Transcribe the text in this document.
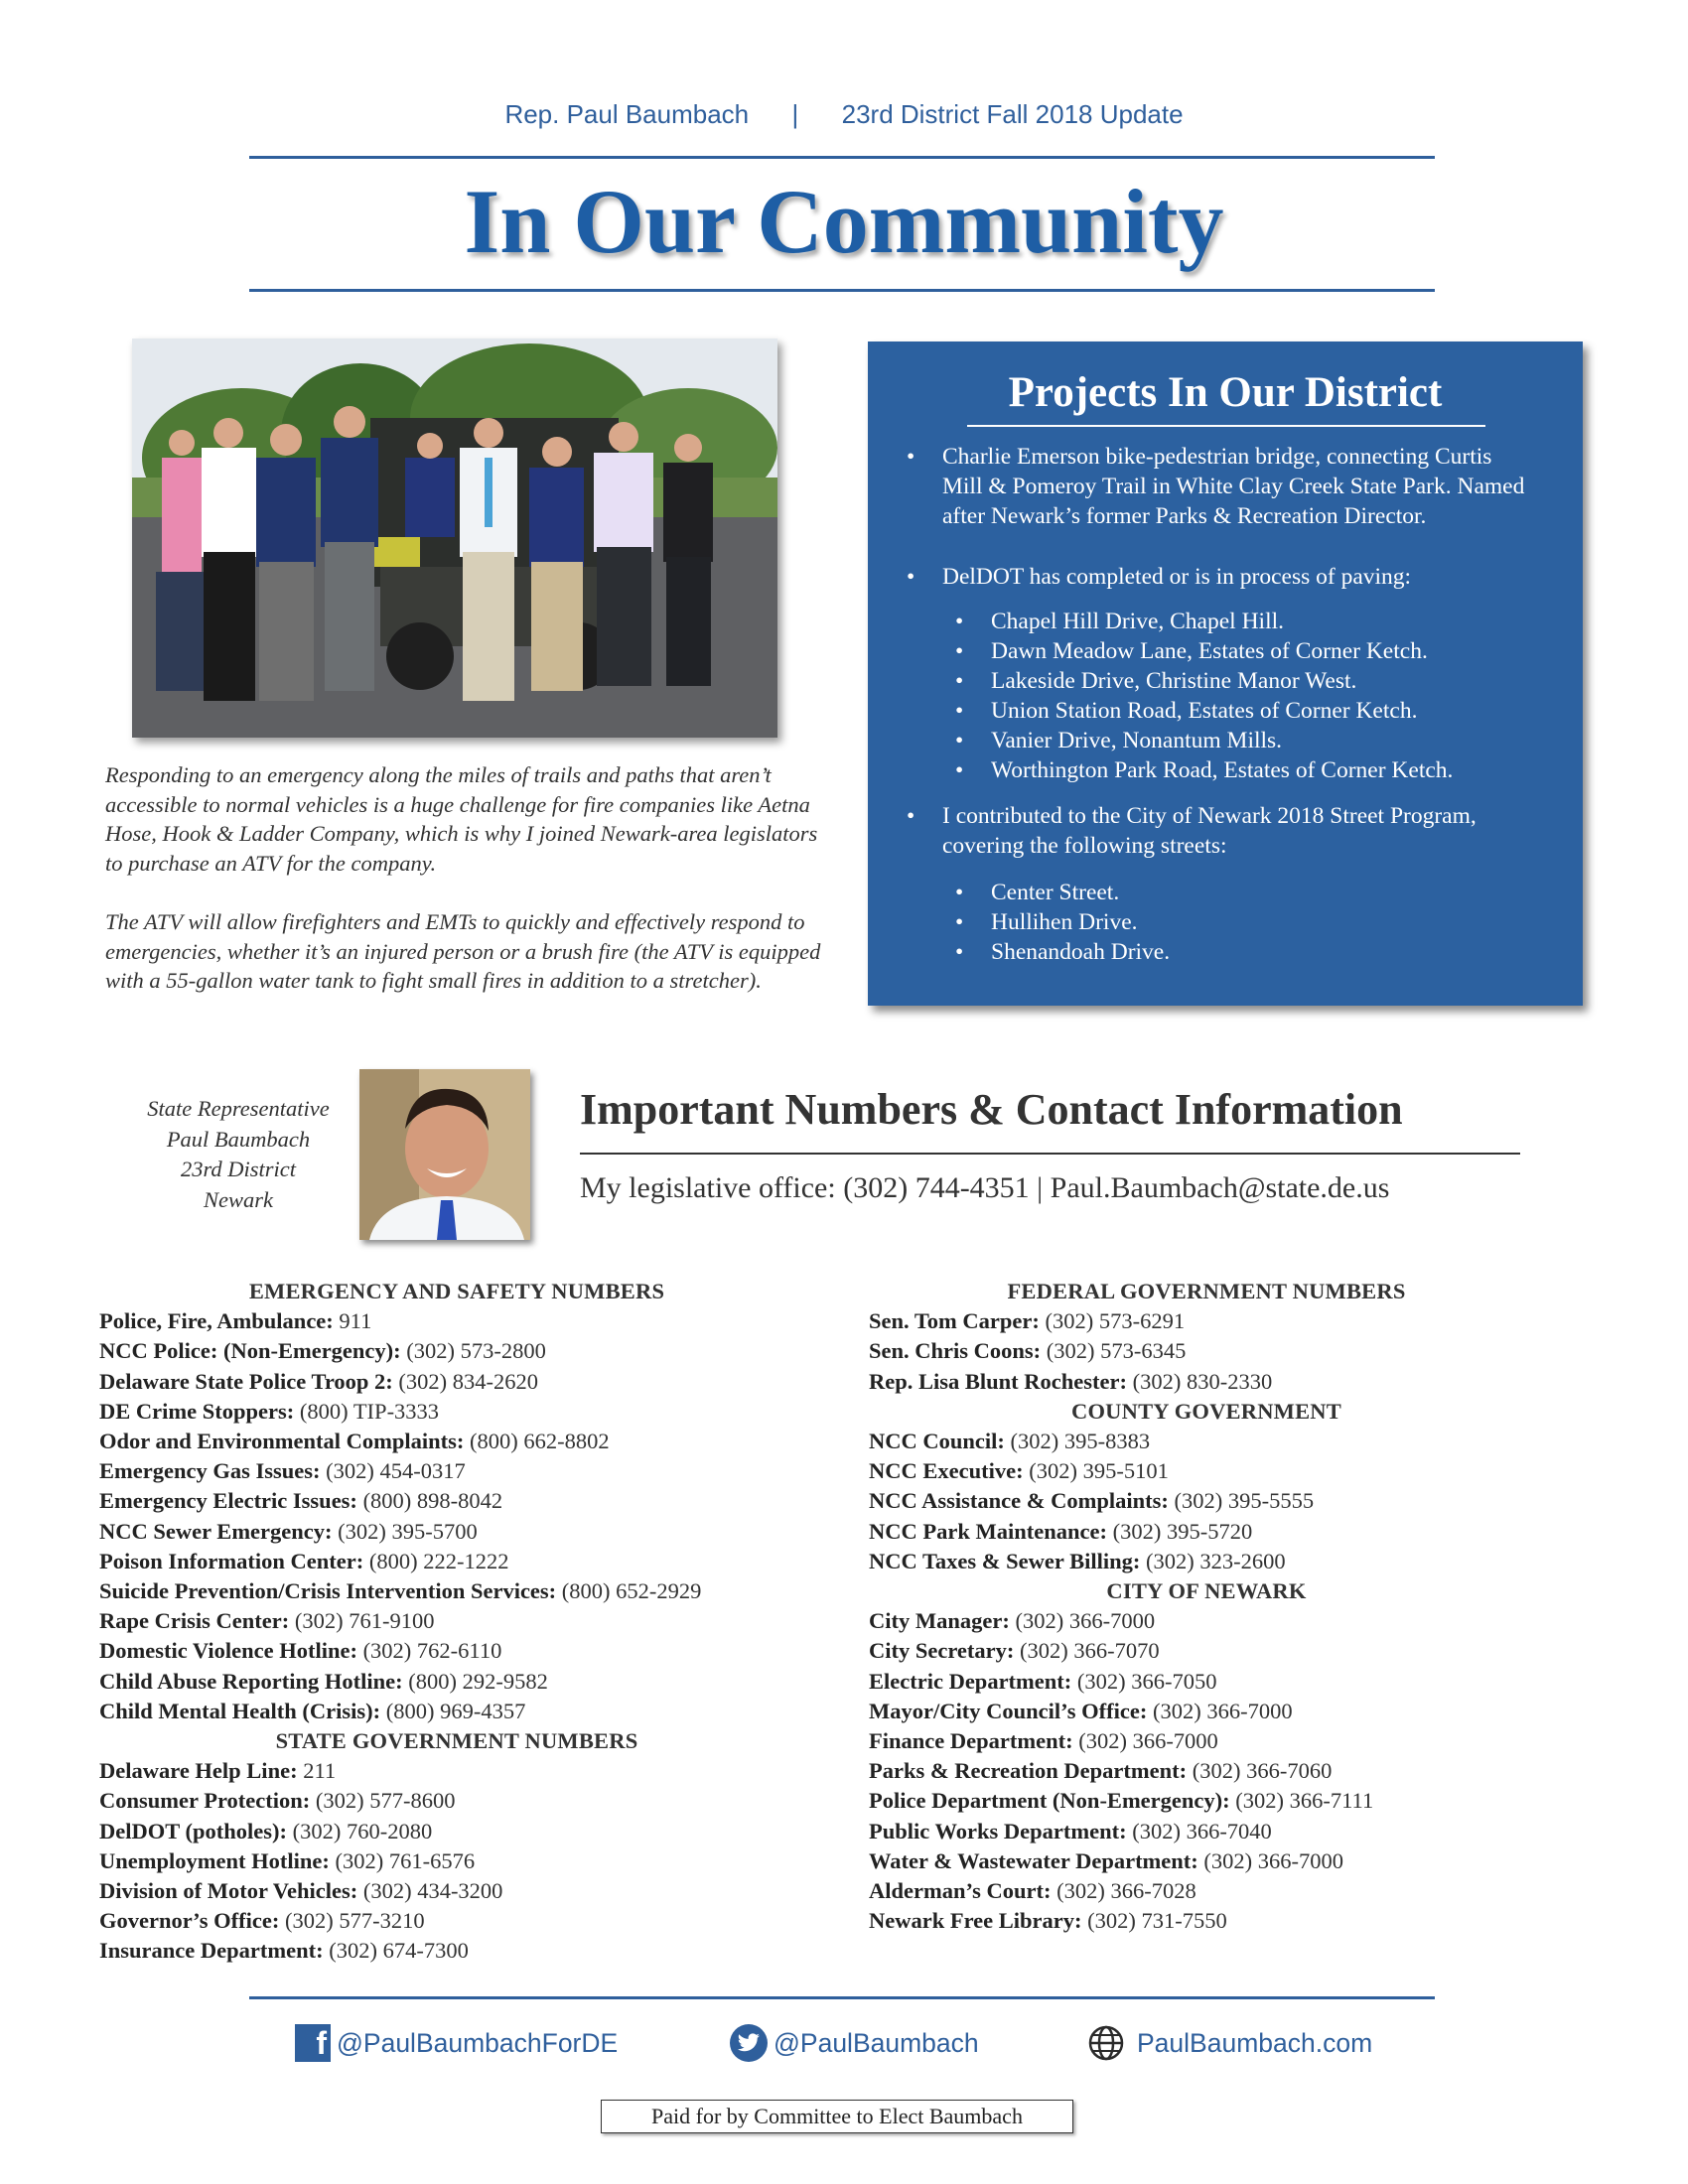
Rep. Paul Baumbach | 23rd District Fall 2018 Update
In Our Community

Responding to an emergency along the miles of trails and paths that aren’t accessible to normal vehicles is a huge challenge for fire companies like Aetna Hose, Hook & Ladder Company, which is why I joined Newark-area legislators to purchase an ATV for the company.

The ATV will allow firefighters and EMTs to quickly and effectively respond to emergencies, whether it’s an injured person or a brush fire (the ATV is equipped with a 55-gallon water tank to fight small fires in addition to a stretcher).

Projects In Our District
• Charlie Emerson bike-pedestrian bridge, connecting Curtis Mill & Pomeroy Trail in White Clay Creek State Park. Named after Newark’s former Parks & Recreation Director.
• DelDOT has completed or is in process of paving:
• Chapel Hill Drive, Chapel Hill.
• Dawn Meadow Lane, Estates of Corner Ketch.
• Lakeside Drive, Christine Manor West.
• Union Station Road, Estates of Corner Ketch.
• Vanier Drive, Nonantum Mills.
• Worthington Park Road, Estates of Corner Ketch.
• I contributed to the City of Newark 2018 Street Program, covering the following streets:
• Center Street.
• Hullihen Drive.
• Shenandoah Drive.
State Representative
Paul Baumbach
23rd District
Newark
Important Numbers & Contact Information
My legislative office: (302) 744-4351 | Paul.Baumbach@state.de.us
EMERGENCY AND SAFETY NUMBERS
Police, Fire, Ambulance: 911
NCC Police: (Non-Emergency): (302) 573-2800
Delaware State Police Troop 2: (302) 834-2620
DE Crime Stoppers: (800) TIP-3333
Odor and Environmental Complaints: (800) 662-8802
Emergency Gas Issues: (302) 454-0317
Emergency Electric Issues: (800) 898-8042
NCC Sewer Emergency: (302) 395-5700
Poison Information Center: (800) 222-1222
Suicide Prevention/Crisis Intervention Services: (800) 652-2929
Rape Crisis Center: (302) 761-9100
Domestic Violence Hotline: (302) 762-6110
Child Abuse Reporting Hotline: (800) 292-9582
Child Mental Health (Crisis): (800) 969-4357
STATE GOVERNMENT NUMBERS
Delaware Help Line: 211
Consumer Protection: (302) 577-8600
DelDOT (potholes): (302) 760-2080
Unemployment Hotline: (302) 761-6576
Division of Motor Vehicles: (302) 434-3200
Governor’s Office: (302) 577-3210
Insurance Department: (302) 674-7300
FEDERAL GOVERNMENT NUMBERS
Sen. Tom Carper: (302) 573-6291
Sen. Chris Coons: (302) 573-6345
Rep. Lisa Blunt Rochester: (302) 830-2330
COUNTY GOVERNMENT
NCC Council: (302) 395-8383
NCC Executive: (302) 395-5101
NCC Assistance & Complaints: (302) 395-5555
NCC Park Maintenance: (302) 395-5720
NCC Taxes & Sewer Billing: (302) 323-2600
CITY OF NEWARK
City Manager: (302) 366-7000
City Secretary: (302) 366-7070
Electric Department: (302) 366-7050
Mayor/City Council’s Office: (302) 366-7000
Finance Department: (302) 366-7000
Parks & Recreation Department: (302) 366-7060
Police Department (Non-Emergency): (302) 366-7111
Public Works Department: (302) 366-7040
Water & Wastewater Department: (302) 366-7000
Alderman’s Court: (302) 366-7028
Newark Free Library: (302) 731-7550
f @PaulBaumbachForDE	@PaulBaumbach	PaulBaumbach.com
Paid for by Committee to Elect Baumbach
